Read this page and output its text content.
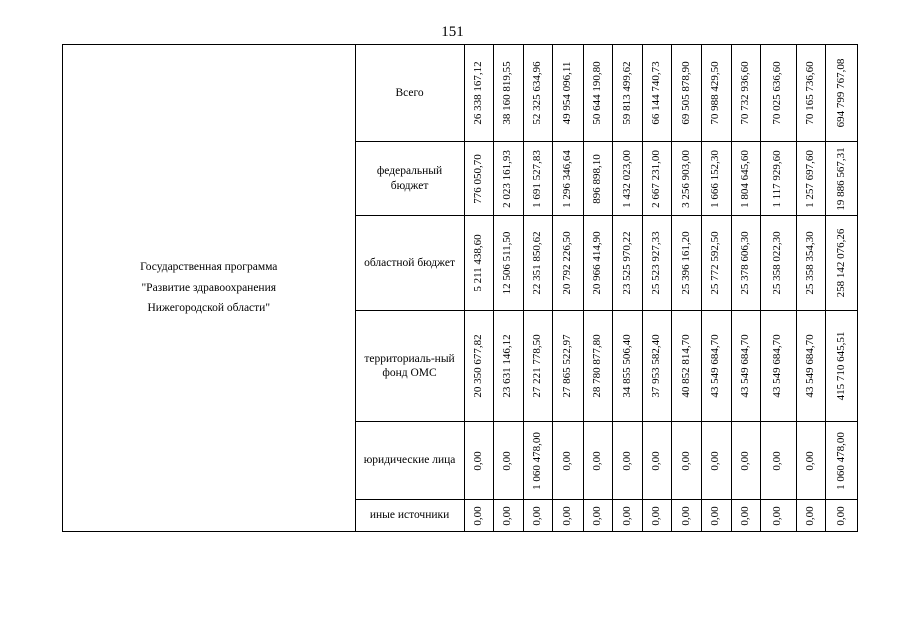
151
Государственная программа
"Развитие здравоохранения
Нижегородской области"	Всего	26 338 167,12	38 160 819,55	52 325 634,96	49 954 096,11	50 644 190,80	59 813 499,62	66 144 740,73	69 505 878,90	70 988 429,50	70 732 936,60	70 025 636,60	70 165 736,60	694 799 767,08

	федеральный бюджет	776 050,70	2 023 161,93	1 691 527,83	1 296 346,64	896 898,10	1 432 023,00	2 667 231,00	3 256 903,00	1 666 152,30	1 804 645,60	1 117 929,60	1 257 697,60	19 886 567,31

	областной бюджет	5 211 438,60	12 506 511,50	22 351 850,62	20 792 226,50	20 966 414,90	23 525 970,22	25 523 927,33	25 396 161,20	25 772 592,50	25 378 606,30	25 358 022,30	25 358 354,30	258 142 076,26

	территориаль-ный фонд ОМС	20 350 677,82	23 631 146,12	27 221 778,50	27 865 522,97	28 780 877,80	34 855 506,40	37 953 582,40	40 852 814,70	43 549 684,70	43 549 684,70	43 549 684,70	43 549 684,70	415 710 645,51

	юридические лица	0,00	0,00	1 060 478,00	0,00	0,00	0,00	0,00	0,00	0,00	0,00	0,00	0,00	1 060 478,00

	иные источники	0,00	0,00	0,00	0,00	0,00	0,00	0,00	0,00	0,00	0,00	0,00	0,00	0,00
